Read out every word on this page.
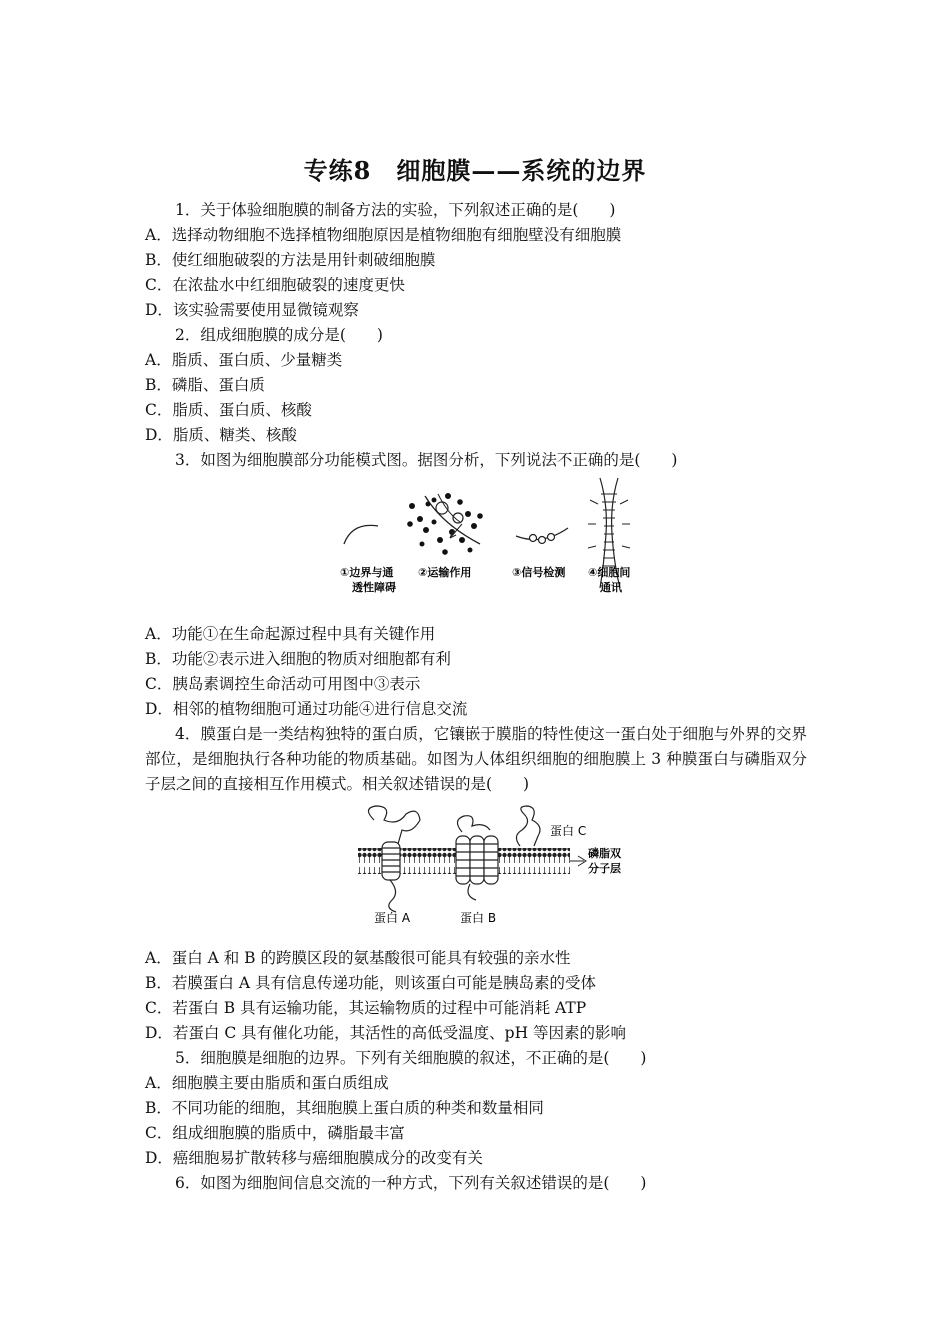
专练8　细胞膜——系统的边界
1．关于体验细胞膜的制备方法的实验，下列叙述正确的是(　　)
A．选择动物细胞不选择植物细胞原因是植物细胞有细胞壁没有细胞膜
B．使红细胞破裂的方法是用针刺破细胞膜
C．在浓盐水中红细胞破裂的速度更快
D．该实验需要使用显微镜观察
2．组成细胞膜的成分是(　　)
A．脂质、蛋白质、少量糖类
B．磷脂、蛋白质
C．脂质、蛋白质、核酸
D．脂质、糖类、核酸
3．如图为细胞膜部分功能模式图。据图分析，下列说法不正确的是(　　)
①边界与通
透性障碍
②运输作用	③信号检测 ④细胞间
通讯
A．功能①在生命起源过程中具有关键作用
B．功能②表示进入细胞的物质对细胞都有利
C．胰岛素调控生命活动可用图中③表示
D．相邻的植物细胞可通过功能④进行信息交流
4．膜蛋白是一类结构独特的蛋白质，它镶嵌于膜脂的特性使这一蛋白处于细胞与外界的交界部位，是细胞执行各种功能的物质基础。如图为人体组织细胞的细胞膜上 3 种膜蛋白与磷脂双分子层之间的直接相互作用模式。相关叙述错误的是(　　)
蛋白 C
磷脂双
分子层
蛋白 A	蛋白 B
A．蛋白 A 和 B 的跨膜区段的氨基酸很可能具有较强的亲水性
B．若膜蛋白 A 具有信息传递功能，则该蛋白可能是胰岛素的受体
C．若蛋白 B 具有运输功能，其运输物质的过程中可能消耗 ATP
D．若蛋白 C 具有催化功能，其活性的高低受温度、pH 等因素的影响
5．细胞膜是细胞的边界。下列有关细胞膜的叙述，不正确的是(　　)
A．细胞膜主要由脂质和蛋白质组成
B．不同功能的细胞，其细胞膜上蛋白质的种类和数量相同
C．组成细胞膜的脂质中，磷脂最丰富
D．癌细胞易扩散转移与癌细胞膜成分的改变有关
6．如图为细胞间信息交流的一种方式，下列有关叙述错误的是(　　)
